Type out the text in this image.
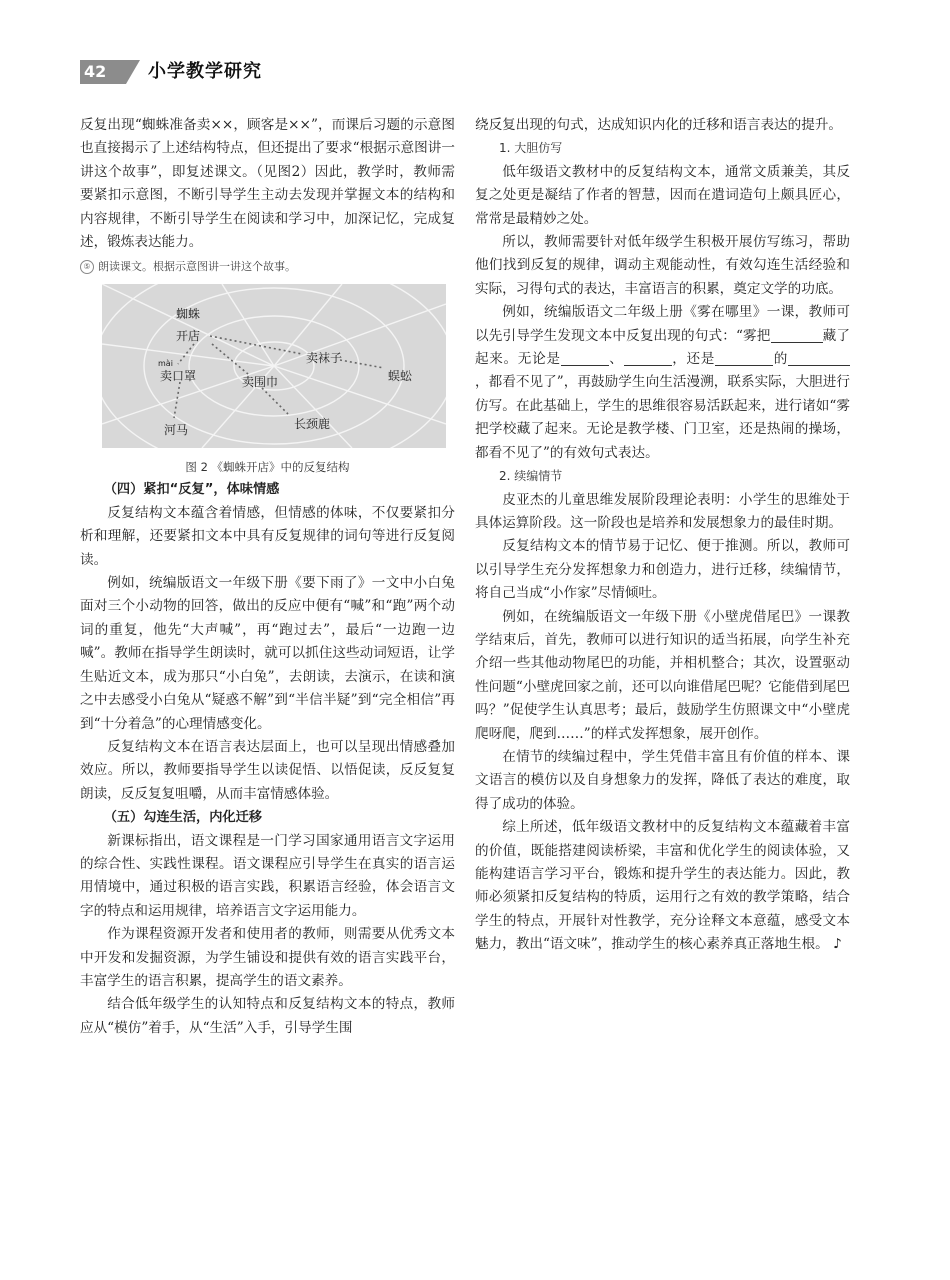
42	小学教学研究

反复出现“蜘蛛准备卖××，顾客是××”，而课后习题的示意图也直接揭示了上述结构特点，但还提出了要求“根据示意图讲一讲这个故事”，即复述课文。（见图2）因此，教学时，教师需要紧扣示意图，不断引导学生主动去发现并掌握文本的结构和内容规律，不断引导学生在阅读和学习中，加深记忆，完成复述，锻炼表达能力。

⑤ 朗读课文。根据示意图讲一讲这个故事。
蜘蛛
开店
卖袜子
蜈蚣
mài
卖口罩	卖围巾
河马	长颈鹿
图 2 《蜘蛛开店》中的反复结构
（四）紧扣“反复”，体味情感

反复结构文本蕴含着情感，但情感的体味，不仅要紧扣分析和理解，还要紧扣文本中具有反复规律的词句等进行反复阅读。

例如，统编版语文一年级下册《要下雨了》一文中小白兔面对三个小动物的回答，做出的反应中便有“喊”和“跑”两个动词的重复，他先“大声喊”，再“跑过去”，最后“一边跑一边喊”。教师在指导学生朗读时，就可以抓住这些动词短语，让学生贴近文本，成为那只“小白兔”，去朗读，去演示，在读和演之中去感受小白兔从“疑惑不解”到“半信半疑”到“完全相信”再到“十分着急”的心理情感变化。

反复结构文本在语言表达层面上，也可以呈现出情感叠加效应。所以，教师要指导学生以读促悟、以悟促读，反反复复朗读，反反复复咀嚼，从而丰富情感体验。

（五）勾连生活，内化迁移

新课标指出，语文课程是一门学习国家通用语言文字运用的综合性、实践性课程。语文课程应引导学生在真实的语言运用情境中，通过积极的语言实践，积累语言经验，体会语言文字的特点和运用规律，培养语言文字运用能力。

作为课程资源开发者和使用者的教师，则需要从优秀文本中开发和发掘资源，为学生铺设和提供有效的语言实践平台，丰富学生的语言积累，提高学生的语文素养。

结合低年级学生的认知特点和反复结构文本的特点，教师应从“模仿”着手，从“生活”入手，引导学生围

绕反复出现的句式，达成知识内化的迁移和语言表达的提升。

1. 大胆仿写

低年级语文教材中的反复结构文本，通常文质兼美，其反复之处更是凝结了作者的智慧，因而在遣词造句上颇具匠心，常常是最精妙之处。

所以，教师需要针对低年级学生积极开展仿写练习，帮助他们找到反复的规律，调动主观能动性，有效勾连生活经验和实际，习得句式的表达，丰富语言的积累，奠定文学的功底。

例如，统编版语文二年级上册《雾在哪里》一课，教师可以先引导学生发现文本中反复出现的句式：“雾把	藏了起来。无论是	、	，还是	的，都看不见了”，再鼓励学生向生活漫溯，联系实际，大胆进行仿写。在此基础上，学生的思维很容易活跃起来，进行诸如“雾把学校藏了起来。无论是教学楼、门卫室，还是热闹的操场，都看不见了”的有效句式表达。

2. 续编情节

皮亚杰的儿童思维发展阶段理论表明：小学生的思维处于具体运算阶段。这一阶段也是培养和发展想象力的最佳时期。

反复结构文本的情节易于记忆、便于推测。所以，教师可以引导学生充分发挥想象力和创造力，进行迁移，续编情节，将自己当成“小作家”尽情倾吐。

例如，在统编版语文一年级下册《小壁虎借尾巴》一课教学结束后，首先，教师可以进行知识的适当拓展，向学生补充介绍一些其他动物尾巴的功能，并相机整合；其次，设置驱动性问题“小壁虎回家之前，还可以向谁借尾巴呢？它能借到尾巴吗？”促使学生认真思考；最后，鼓励学生仿照课文中“小壁虎爬呀爬，爬到……”的样式发挥想象，展开创作。

在情节的续编过程中，学生凭借丰富且有价值的样本、课文语言的模仿以及自身想象力的发挥，降低了表达的难度，取得了成功的体验。

综上所述，低年级语文教材中的反复结构文本蕴藏着丰富的价值，既能搭建阅读桥梁，丰富和优化学生的阅读体验，又能构建语言学习平台，锻炼和提升学生的表达能力。因此，教师必须紧扣反复结构的特质，运用行之有效的教学策略，结合学生的特点，开展针对性教学，充分诠释文本意蕴，感受文本魅力，教出“语文味”，推动学生的核心素养真正落地生根。 ♪
